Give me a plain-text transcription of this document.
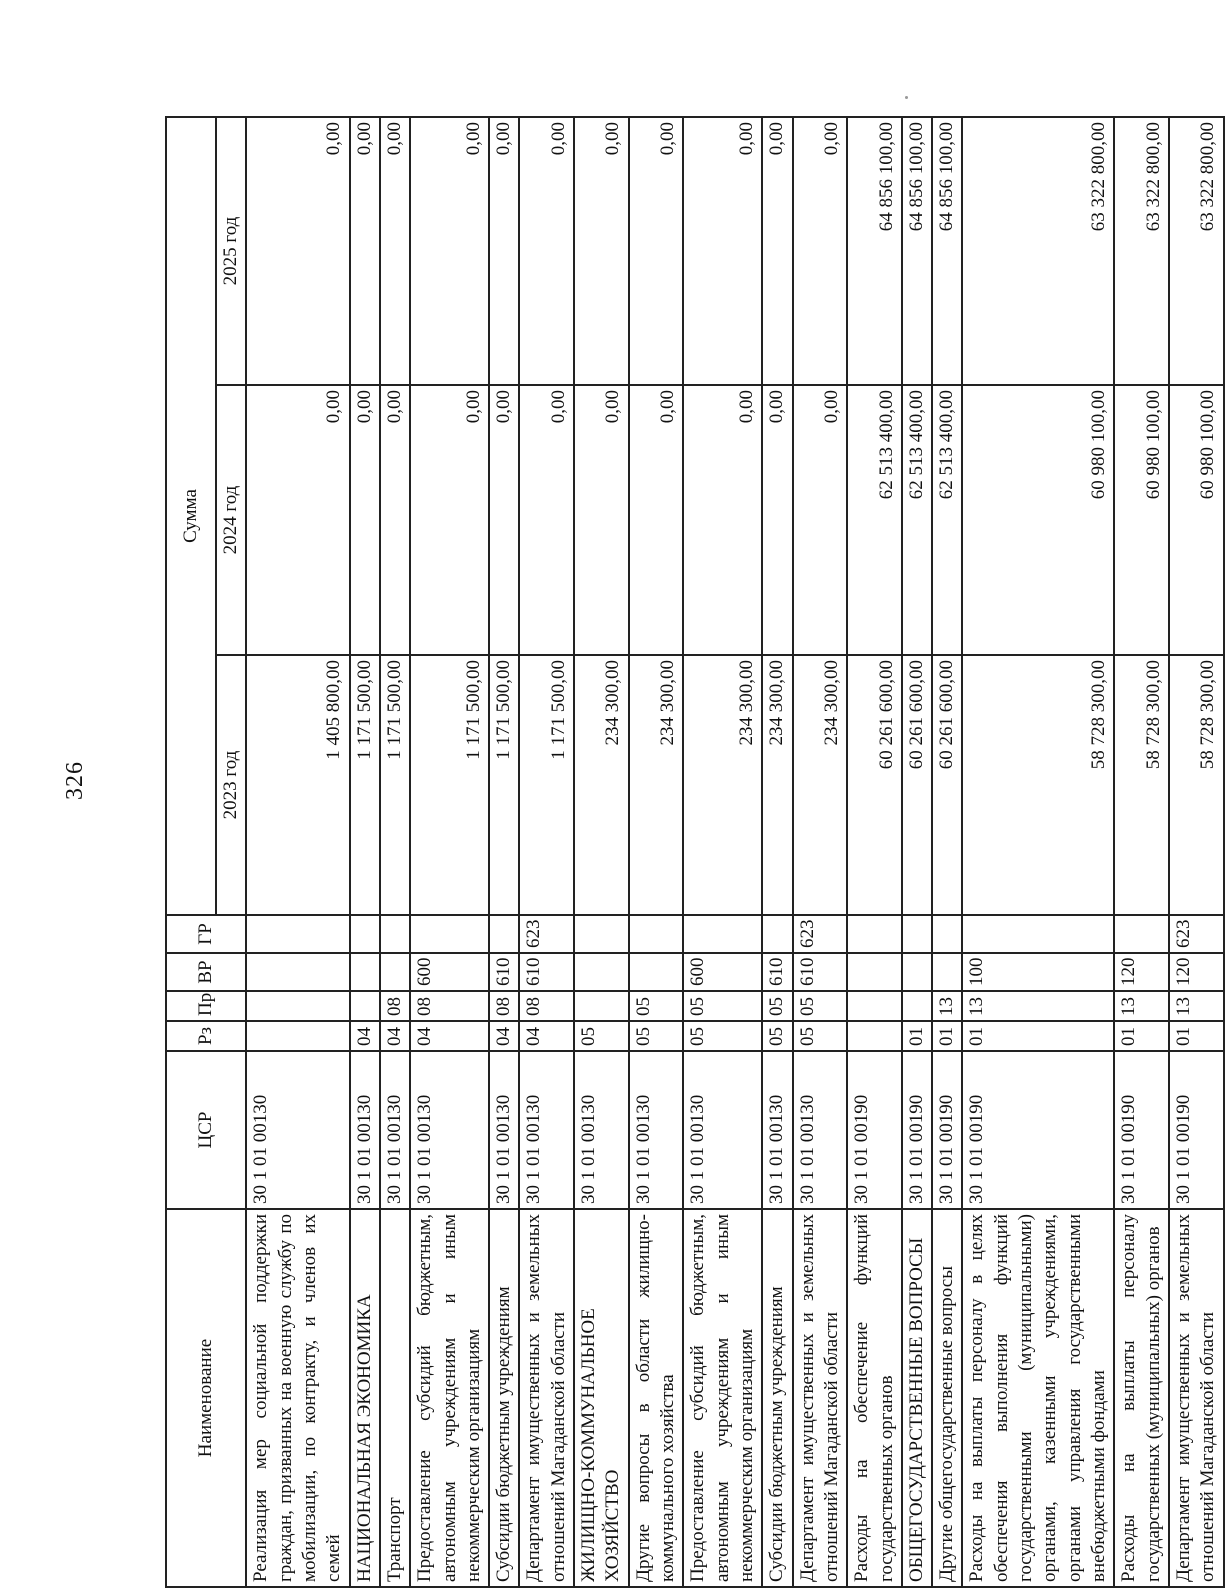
326
Наименование	ЦСР	Рз	Пр	ВР	ГР	Сумма		
						2023 год	2024 год	2025 год
Реализация мер социальной поддержки граждан, призванных на военную службу по мобилизации, по контракту, и членов их семей	30 1 01 00130					1 405 800,00	0,00	0,00
НАЦИОНАЛЬНАЯ ЭКОНОМИКА	30 1 01 00130	04				1 171 500,00	0,00	0,00
Транспорт	30 1 01 00130	04	08			1 171 500,00	0,00	0,00
Предоставление субсидий бюджетным, автономным учреждениям и иным некоммерческим организациям	30 1 01 00130	04	08	600		1 171 500,00	0,00	0,00
Субсидии бюджетным учреждениям	30 1 01 00130	04	08	610		1 171 500,00	0,00	0,00
Департамент имущественных и земельных отношений Магаданской области	30 1 01 00130	04	08	610	623	1 171 500,00	0,00	0,00
ЖИЛИЩНО-КОММУНАЛЬНОЕ ХОЗЯЙСТВО	30 1 01 00130	05				234 300,00	0,00	0,00
Другие вопросы в области жилищно-коммунального хозяйства	30 1 01 00130	05	05			234 300,00	0,00	0,00
Предоставление субсидий бюджетным, автономным учреждениям и иным некоммерческим организациям	30 1 01 00130	05	05	600		234 300,00	0,00	0,00
Субсидии бюджетным учреждениям	30 1 01 00130	05	05	610		234 300,00	0,00	0,00
Департамент имущественных и земельных отношений Магаданской области	30 1 01 00130	05	05	610	623	234 300,00	0,00	0,00
Расходы на обеспечение функций государственных органов	30 1 01 00190					60 261 600,00	62 513 400,00	64 856 100,00
ОБЩЕГОСУДАРСТВЕННЫЕ ВОПРОСЫ	30 1 01 00190	01				60 261 600,00	62 513 400,00	64 856 100,00
Другие общегосударственные вопросы	30 1 01 00190	01	13			60 261 600,00	62 513 400,00	64 856 100,00
Расходы на выплаты персоналу в целях обеспечения выполнения функций государственными (муниципальными) органами, казенными учреждениями, органами управления государственными внебюджетными фондами	30 1 01 00190	01	13	100		58 728 300,00	60 980 100,00	63 322 800,00
Расходы на выплаты персоналу государственных (муниципальных) органов	30 1 01 00190	01	13	120		58 728 300,00	60 980 100,00	63 322 800,00
Департамент имущественных и земельных отношений Магаданской области	30 1 01 00190	01	13	120	623	58 728 300,00	60 980 100,00	63 322 800,00
